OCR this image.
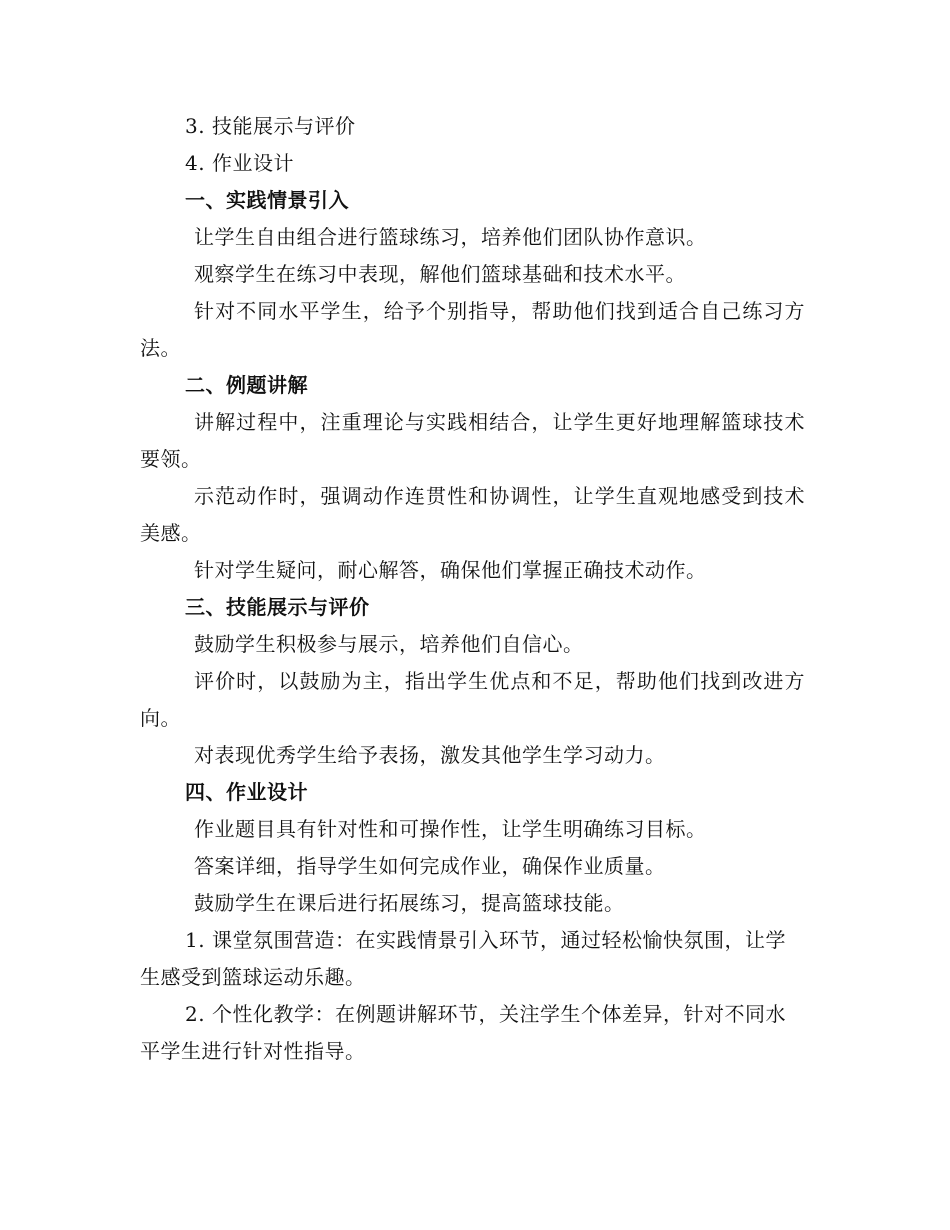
3. 技能展示与评价

4. 作业设计

一、实践情景引入

让学生自由组合进行篮球练习，培养他们团队协作意识。

观察学生在练习中表现，解他们篮球基础和技术水平。

针对不同水平学生，给予个别指导，帮助他们找到适合自己练习方法。

二、例题讲解

讲解过程中，注重理论与实践相结合，让学生更好地理解篮球技术要领。

示范动作时，强调动作连贯性和协调性，让学生直观地感受到技术美感。

针对学生疑问，耐心解答，确保他们掌握正确技术动作。

三、技能展示与评价

鼓励学生积极参与展示，培养他们自信心。

评价时，以鼓励为主，指出学生优点和不足，帮助他们找到改进方向。

对表现优秀学生给予表扬，激发其他学生学习动力。

四、作业设计

作业题目具有针对性和可操作性，让学生明确练习目标。

答案详细，指导学生如何完成作业，确保作业质量。

鼓励学生在课后进行拓展练习，提高篮球技能。

1. 课堂氛围营造：在实践情景引入环节，通过轻松愉快氛围，让学生感受到篮球运动乐趣。

2. 个性化教学：在例题讲解环节，关注学生个体差异，针对不同水平学生进行针对性指导。
